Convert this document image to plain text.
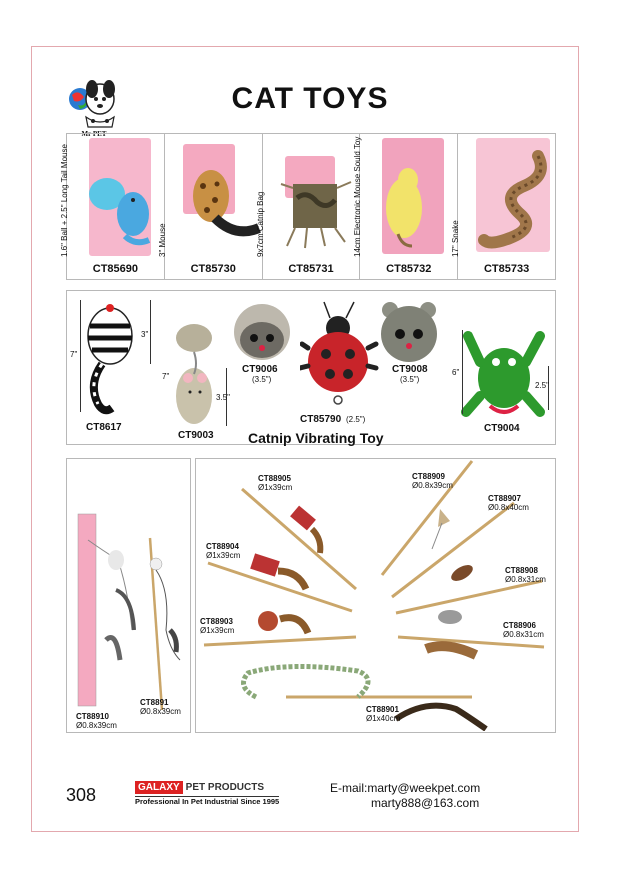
Mr PET
CAT TOYS
1.6" Ball + 2.5" Long Tail Mouse
CT85690
3" Mouse
CT85730
9x7cm Catnip Bag
CT85731
14cm Electronic Mouse Sould Toy
CT85732
17" Snake
CT85733
7"
3"
CT8617
7"
3.5"
CT9003
CT9006
(3.5")
CT85790 (2.5")
CT9008
(3.5")
6"
2.5"
CT9004
Catnip Vibrating Toy
CT88910
Ø0.8x39cm
CT8891
Ø0.8x39cm
CT88905
Ø1x39cm
CT88904
Ø1x39cm
CT88903
Ø1x39cm
CT88909
Ø0.8x39cm
CT88907
Ø0.8x40cm
CT88908
Ø0.8x31cm
CT88906
Ø0.8x31cm
CT88901
Ø1x40cm
308	GALAXY PET PRODUCTS
Professional In Pet Industrial Since 1995
E-mail:marty@weekpet.com
marty888@163.com
